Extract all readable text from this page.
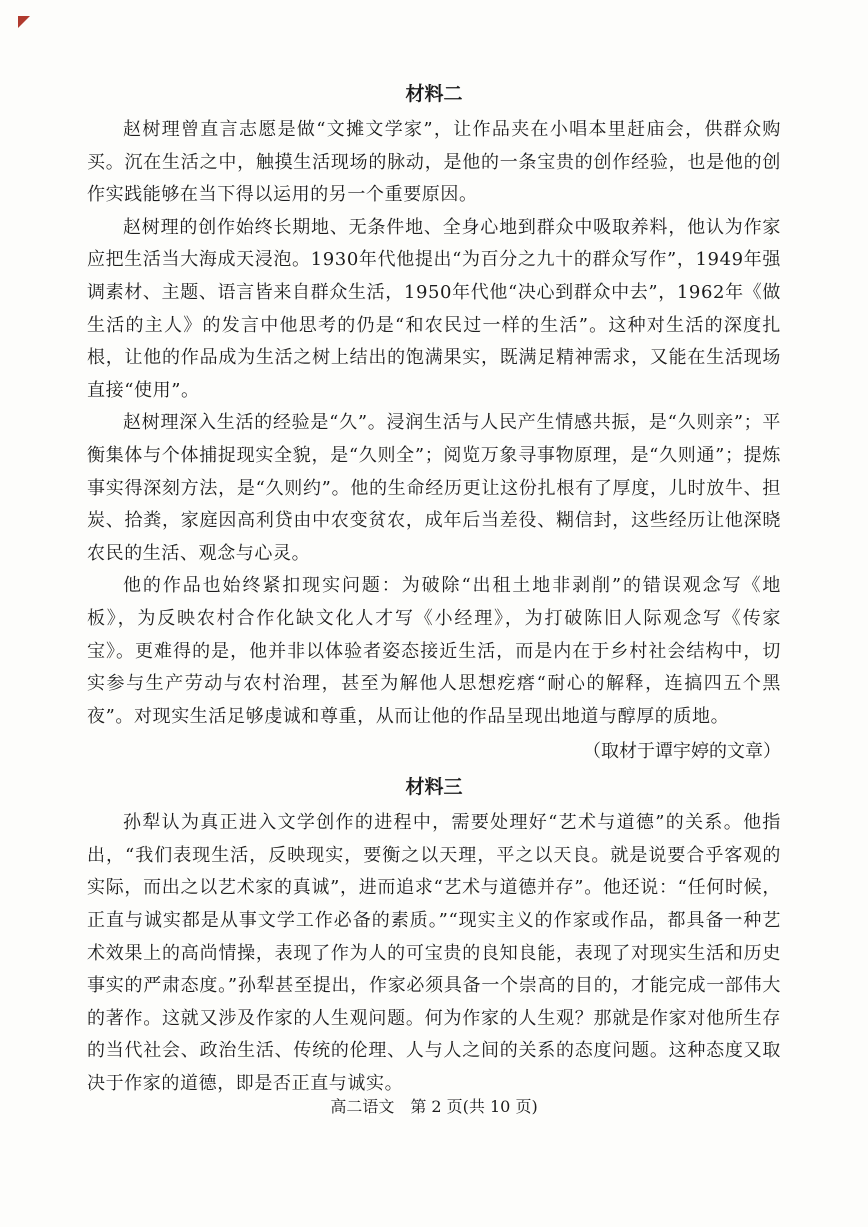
材料二

赵树理曾直言志愿是做“文摊文学家”，让作品夹在小唱本里赶庙会，供群众购买。沉在生活之中，触摸生活现场的脉动，是他的一条宝贵的创作经验，也是他的创作实践能够在当下得以运用的另一个重要原因。

赵树理的创作始终长期地、无条件地、全身心地到群众中吸取养料，他认为作家应把生活当大海成天浸泡。1930年代他提出“为百分之九十的群众写作”，1949年强调素材、主题、语言皆来自群众生活，1950年代他“决心到群众中去”，1962年《做生活的主人》的发言中他思考的仍是“和农民过一样的生活”。这种对生活的深度扎根，让他的作品成为生活之树上结出的饱满果实，既满足精神需求，又能在生活现场直接“使用”。

赵树理深入生活的经验是“久”。浸润生活与人民产生情感共振，是“久则亲”；平衡集体与个体捕捉现实全貌，是“久则全”；阅览万象寻事物原理，是“久则通”；提炼事实得深刻方法，是“久则约”。他的生命经历更让这份扎根有了厚度，儿时放牛、担炭、拾粪，家庭因高利贷由中农变贫农，成年后当差役、糊信封，这些经历让他深晓农民的生活、观念与心灵。

他的作品也始终紧扣现实问题：为破除“出租土地非剥削”的错误观念写《地板》，为反映农村合作化缺文化人才写《小经理》，为打破陈旧人际观念写《传家宝》。更难得的是，他并非以体验者姿态接近生活，而是内在于乡村社会结构中，切实参与生产劳动与农村治理，甚至为解他人思想疙瘩“耐心的解释，连搞四五个黑夜”。对现实生活足够虔诚和尊重，从而让他的作品呈现出地道与醇厚的质地。

（取材于谭宇婷的文章）
材料三

孙犁认为真正进入文学创作的进程中，需要处理好“艺术与道德”的关系。他指出，“我们表现生活，反映现实，要衡之以天理，平之以天良。就是说要合乎客观的实际，而出之以艺术家的真诚”，进而追求“艺术与道德并存”。他还说：“任何时候，正直与诚实都是从事文学工作必备的素质。”“现实主义的作家或作品，都具备一种艺术效果上的高尚情操，表现了作为人的可宝贵的良知良能，表现了对现实生活和历史事实的严肃态度。”孙犁甚至提出，作家必须具备一个崇高的目的，才能完成一部伟大的著作。这就又涉及作家的人生观问题。何为作家的人生观？那就是作家对他所生存的当代社会、政治生活、传统的伦理、人与人之间的关系的态度问题。这种态度又取决于作家的道德，即是否正直与诚实。

高二语文　第 2 页(共 10 页)
